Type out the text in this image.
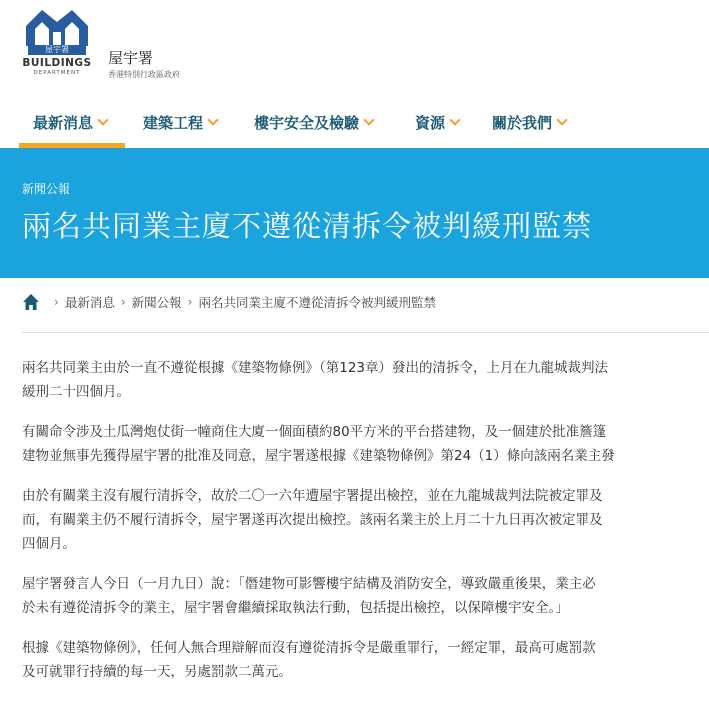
屋宇署
BUILDINGS
DEPARTMENT
屋宇署
香港特別行政區政府
最新消息	建築工程	樓宇安全及檢驗	資源	關於我們
新聞公報
兩名共同業主廈不遵從清拆令被判緩刑監禁
› 最新消息 › 新聞公報 › 兩名共同業主廈不遵從清拆令被判緩刑監禁

兩名共同業主由於一直不遵從根據《建築物條例》（第123章）發出的清拆令，上月在九龍城裁判法
緩刑二十四個月。

有關命令涉及土瓜灣炮仗街一幢商住大廈一個面積約80平方米的平台搭建物，及一個建於批准簷篷
建物並無事先獲得屋宇署的批准及同意，屋宇署遂根據《建築物條例》第24（1）條向該兩名業主發

由於有關業主沒有履行清拆令，故於二〇一六年遭屋宇署提出檢控，並在九龍城裁判法院被定罪及
而，有關業主仍不履行清拆令，屋宇署遂再次提出檢控。該兩名業主於上月二十九日再次被定罪及
四個月。

屋宇署發言人今日（一月九日）說：「僭建物可影響樓宇結構及消防安全，導致嚴重後果，業主必
於未有遵從清拆令的業主，屋宇署會繼續採取執法行動，包括提出檢控，以保障樓宇安全。」

根據《建築物條例》，任何人無合理辯解而沒有遵從清拆令是嚴重罪行，一經定罪，最高可處罰款
及可就罪行持續的每一天，另處罰款二萬元。
